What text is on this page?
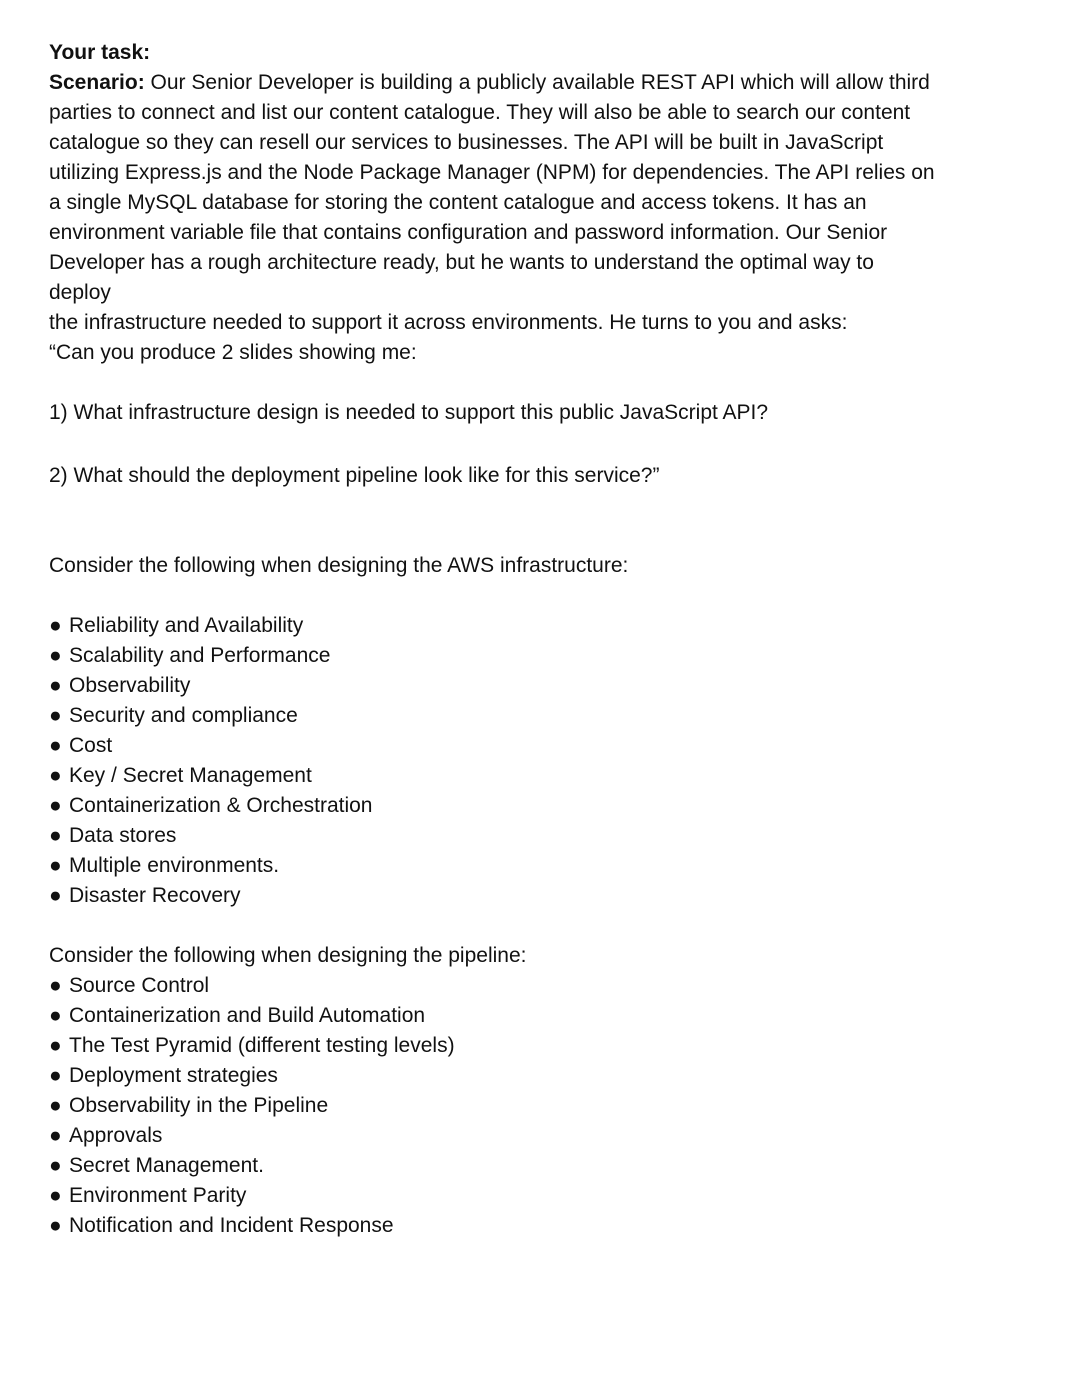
Your task:

Scenario: Our Senior Developer is building a publicly available REST API which will allow third
parties to connect and list our content catalogue. They will also be able to search our content
catalogue so they can resell our services to businesses. The API will be built in JavaScript
utilizing Express.js and the Node Package Manager (NPM) for dependencies. The API relies on
a single MySQL database for storing the content catalogue and access tokens. It has an
environment variable file that contains configuration and password information. Our Senior
Developer has a rough architecture ready, but he wants to understand the optimal way to
deploy
the infrastructure needed to support it across environments. He turns to you and asks:
“Can you produce 2 slides showing me:

1) What infrastructure design is needed to support this public JavaScript API?

2) What should the deployment pipeline look like for this service?”

Consider the following when designing the AWS infrastructure:

● Reliability and Availability
● Scalability and Performance
● Observability
● Security and compliance
● Cost
● Key / Secret Management
● Containerization & Orchestration
● Data stores
● Multiple environments.
● Disaster Recovery

Consider the following when designing the pipeline:

● Source Control
● Containerization and Build Automation
● The Test Pyramid (different testing levels)
● Deployment strategies
● Observability in the Pipeline
● Approvals
● Secret Management.
● Environment Parity
● Notification and Incident Response
